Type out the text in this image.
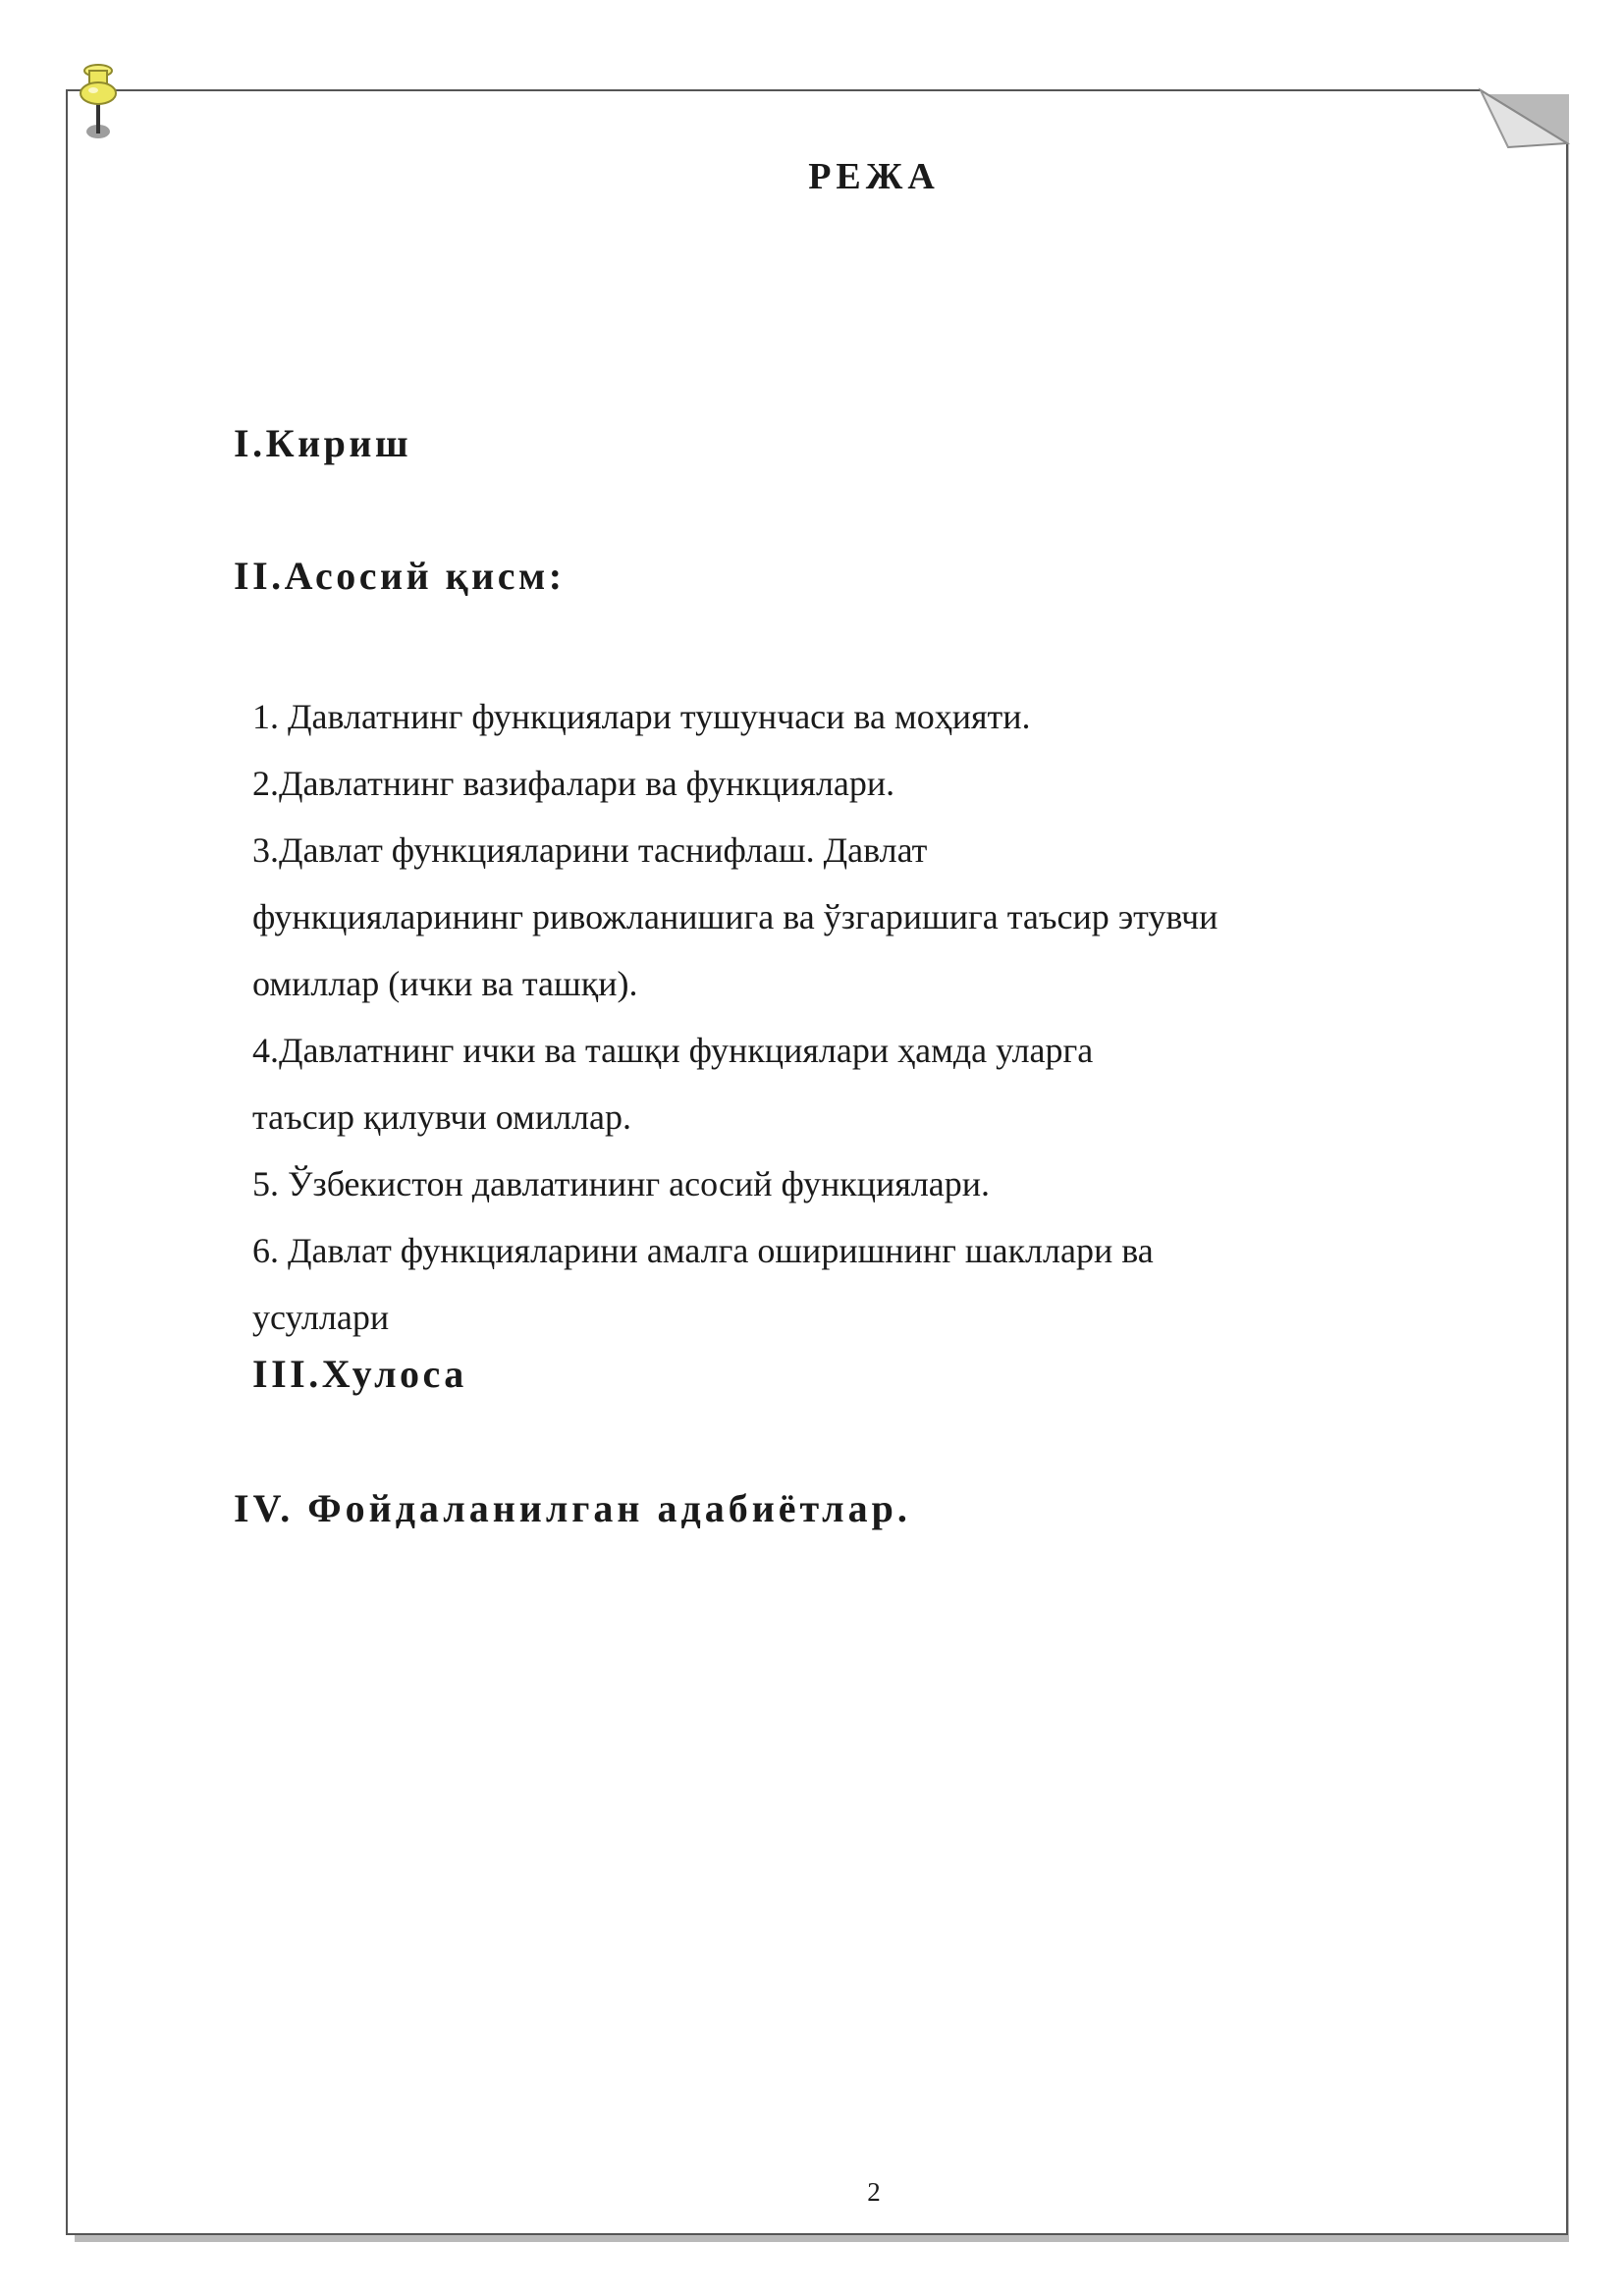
РЕЖА
I.Кириш
II.Асосий қисм:
1. Давлатнинг функциялари тушунчаси ва моҳияти.
2.Давлатнинг вазифалари ва функциялари.
3.Давлат функцияларини таснифлаш. Давлат
функцияларининг ривожланишига ва ўзгаришига таъсир этувчи
омиллар (ички ва ташқи).
4.Давлатнинг ички ва ташқи функциялари ҳамда уларга
таъсир қилувчи омиллар.
5. Ўзбекистон давлатининг асосий функциялари.
6. Давлат функцияларини амалга оширишнинг шакллари ва
усуллари
III.Хулоса
IV. Фойдаланилган адабиётлар.
2
